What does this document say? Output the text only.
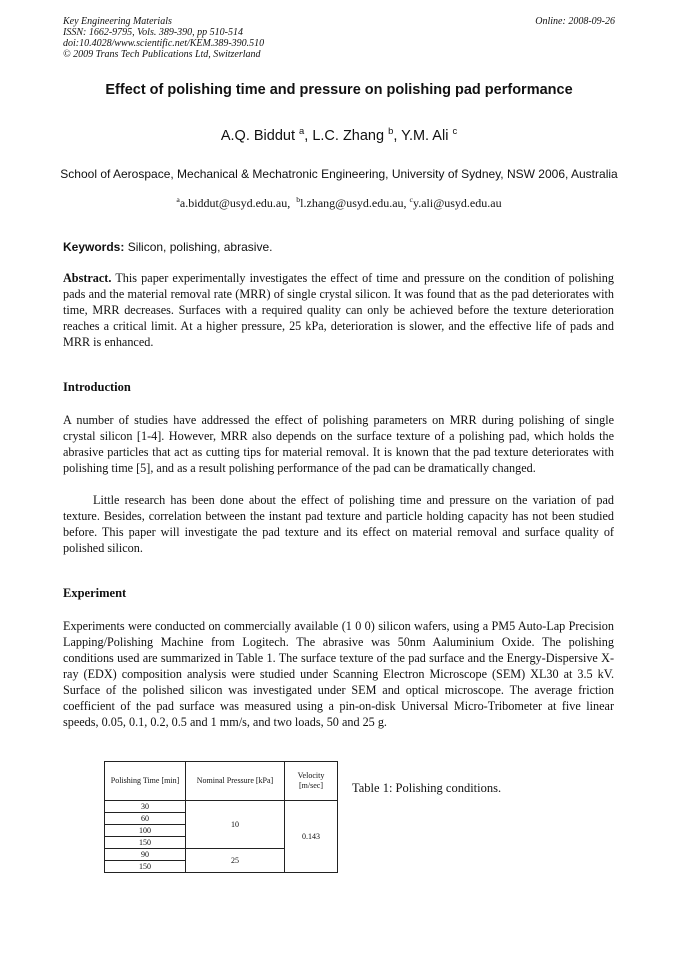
Key Engineering Materials
ISSN: 1662-9795, Vols. 389-390, pp 510-514
doi:10.4028/www.scientific.net/KEM.389-390.510
© 2009 Trans Tech Publications Ltd, Switzerland
Online: 2008-09-26
Effect of polishing time and pressure on polishing pad performance
A.Q. Biddut $^a$, L.C. Zhang $^b$, Y.M. Ali $^c$
School of Aerospace, Mechanical & Mechatronic Engineering, University of Sydney, NSW 2006, Australia
$^a$a.biddut@usyd.edu.au,  $^b$l.zhang@usyd.edu.au, $^c$y.ali@usyd.edu.au
Keywords: Silicon, polishing, abrasive.

Abstract. This paper experimentally investigates the effect of time and pressure on the condition of polishing pads and the material removal rate (MRR) of single crystal silicon. It was found that as the pad deteriorates with time, MRR decreases. Surfaces with a required quality can only be achieved before the texture deterioration reaches a critical limit. At a higher pressure, 25 kPa, deterioration is slower, and the effective life of pads and MRR is enhanced.

Introduction

A number of studies have addressed the effect of polishing parameters on MRR during polishing of single crystal silicon [1-4]. However, MRR also depends on the surface texture of a polishing pad, which holds the abrasive particles that act as cutting tips for material removal. It is known that the pad texture deteriorates with polishing time [5], and as a result polishing performance of the pad can be dramatically changed.

Little research has been done about the effect of polishing time and pressure on the variation of pad texture. Besides, correlation between the instant pad texture and particle holding capacity has not been studied before. This paper will investigate the pad texture and its effect on material removal and surface quality of polished silicon.

Experiment

Experiments were conducted on commercially available (1 0 0) silicon wafers, using a PM5 Auto-Lap Precision Lapping/Polishing Machine from Logitech. The abrasive was 50nm Aaluminium Oxide. The polishing conditions used are summarized in Table 1. The surface texture of the pad surface and the Energy-Dispersive X-ray (EDX) composition analysis were studied under Scanning Electron Microscope (SEM) XL30 at 3.5 kV. Surface of the polished silicon was investigated under SEM and optical microscope. The average friction coefficient of the pad surface was measured using a pin-on-disk Universal Micro-Tribometer at five linear speeds, 0.05, 0.1, 0.2, 0.5 and 1 mm/s, and two loads, 50 and 25 g.

Polishing Time [min]	Nominal Pressure [kPa]	Velocity [m/sec]
30	10	0.143
60		
100		
150		
90	25	
150		
Table 1: Polishing conditions.
